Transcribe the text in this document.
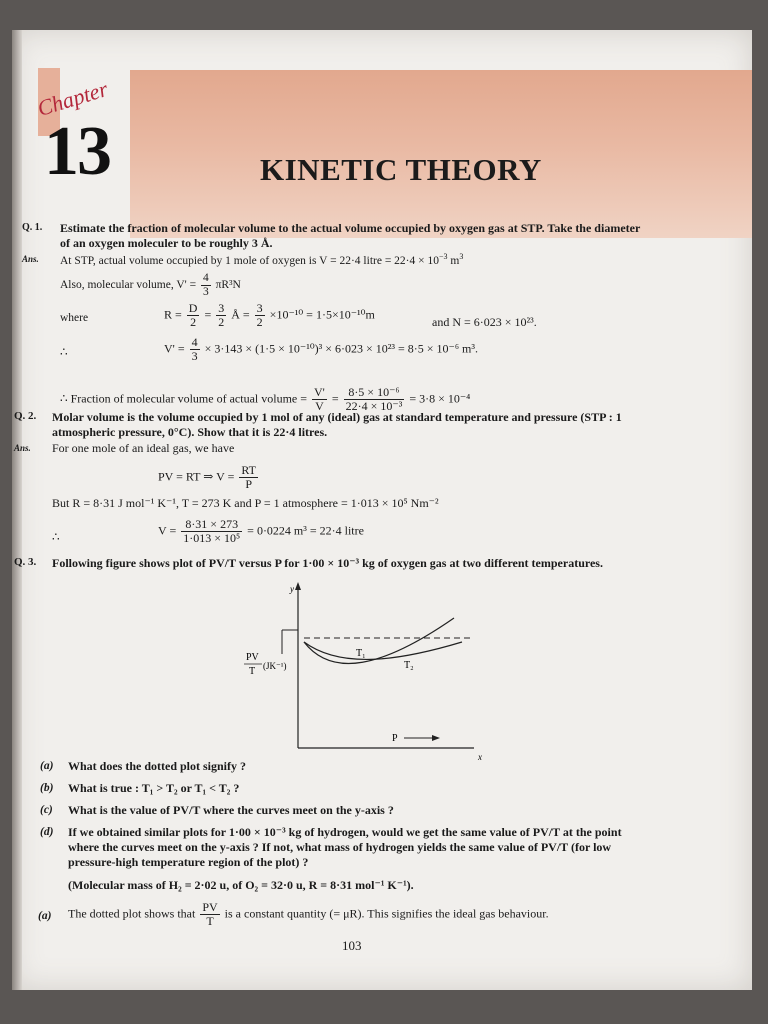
Chapter
13	KINETIC THEORY
Q. 1. Estimate the fraction of molecular volume to the actual volume occupied by oxygen gas at STP. Take the diameter
of an oxygen moleculer to be roughly 3 Å.
Ans. At STP, actual volume occupied by 1 mole of oxygen is V = 22·4 litre = $22\cdot 4 \times 10^{-3}$ $m^3$
Also, molecular volume, $V' = \frac{4}{3} \pi R^3N$
where	$R = \frac{D}{2} = \frac{3}{2}$ Å = $\frac{3}{2} \times 10^{-10} = 1\cdot 5\times 10^{-10}m$
and N = 6·023 × 10²³.
∴	$V' = \frac{4}{3} \times 3\cdot 143 \times (1\cdot 5 \times 10^{-10})^3 \times 6\cdot 023 \times 10^{23} = 8\cdot 5 \times 10^{-6}$ m³.
∴ Fraction of molecular volume of actual volume = $\frac{V'}{V} = \frac{\text{8·5 × 10⁻⁶}}{\text{22·4 × 10⁻³}} = 3\cdot 8 \times 10^{-4}$
Q. 2. Molar volume is the volume occupied by 1 mol of any (ideal) gas at standard temperature and pressure (STP : 1
atmospheric pressure, 0°C). Show that it is 22·4 litres.
Ans. For one mole of an ideal gas, we have
PV = RT ⇒ $V = \frac{RT}{P}$
But R = 8·31 J mol⁻¹ K⁻¹, T = 273 K and P = 1 atmosphere = 1·013 × 10⁵ Nm⁻²
∴	$V = \frac{8\cdot 31 \times 273}{\text{1·013 × 10⁵}} = 0\cdot 0224$ m³ = 22·4 litre
Q. 3. Following figure shows plot of PV/T versus P for 1·00 × 10⁻³ kg of oxygen gas at two different temperatures.
y
x
PV
T (JK⁻¹)
T₁
T₂
P
(a) What does the dotted plot signify ?
(b) What is true : T₁ > T₂ or T₁ < T₂ ?
(c) What is the value of PV/T where the curves meet on the y-axis ?
(d) If we obtained similar plots for 1·00 × 10⁻³ kg of hydrogen, would we get the same value of PV/T at the point
where the curves meet on the y-axis ? If not, what mass of hydrogen yields the same value of PV/T (for low
pressure-high temperature region of the plot) ?
(Molecular mass of H₂ = 2·02 u, of O₂ = 32·0 u, R = 8·31 mol⁻¹ K⁻¹).
(a) The dotted plot shows that $\frac{PV}{T}$ is a constant quantity (= μR). This signifies the ideal gas behaviour.
103
